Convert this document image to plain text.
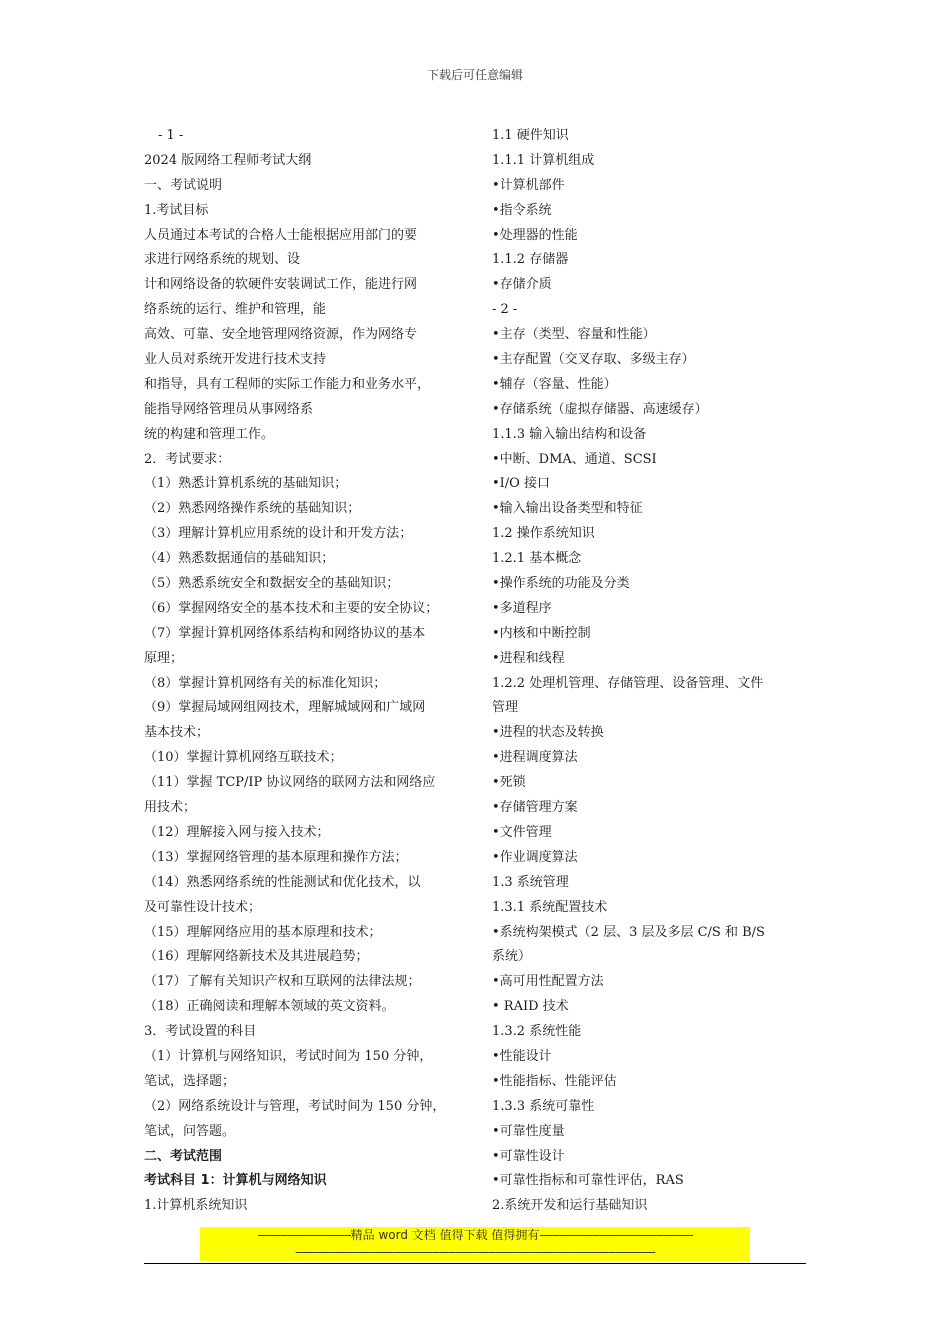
下载后可任意编辑
- 1 -
2024 版网络工程师考试大纲
一、考试说明
1.考试目标
人员通过本考试的合格人士能根据应用部门的要
求进行网络系统的规划、设
计和网络设备的软硬件安装调试工作，能进行网
络系统的运行、维护和管理，能
高效、可靠、安全地管理网络资源，作为网络专
业人员对系统开发进行技术支持
和指导，具有工程师的实际工作能力和业务水平，
能指导网络管理员从事网络系
统的构建和管理工作。
2．考试要求：
（1）熟悉计算机系统的基础知识；
（2）熟悉网络操作系统的基础知识；
（3）理解计算机应用系统的设计和开发方法；
（4）熟悉数据通信的基础知识；
（5）熟悉系统安全和数据安全的基础知识；
（6）掌握网络安全的基本技术和主要的安全协议；
（7）掌握计算机网络体系结构和网络协议的基本
原理；
（8）掌握计算机网络有关的标准化知识；
（9）掌握局域网组网技术，理解城域网和广域网
基本技术；
（10）掌握计算机网络互联技术；
（11）掌握 TCP/IP 协议网络的联网方法和网络应
用技术；
（12）理解接入网与接入技术；
（13）掌握网络管理的基本原理和操作方法；
（14）熟悉网络系统的性能测试和优化技术，以
及可靠性设计技术；
（15）理解网络应用的基本原理和技术；
（16）理解网络新技术及其进展趋势；
（17）了解有关知识产权和互联网的法律法规；
（18）正确阅读和理解本领域的英文资料。
3．考试设置的科目
（1）计算机与网络知识，考试时间为 150 分钟，
笔试，选择题；
（2）网络系统设计与管理，考试时间为 150 分钟，
笔试，问答题。
二、考试范围
考试科目 1：计算机与网络知识
1.计算机系统知识
1.1 硬件知识
1.1.1 计算机组成
•计算机部件
•指令系统
•处理器的性能
1.1.2 存储器
•存储介质
- 2 -
•主存（类型、容量和性能）
•主存配置（交叉存取、多级主存）
•辅存（容量、性能）
•存储系统（虚拟存储器、高速缓存）
1.1.3 输入输出结构和设备
•中断、DMA、通道、SCSI
•I/O 接口
•输入输出设备类型和特征
1.2 操作系统知识
1.2.1 基本概念
•操作系统的功能及分类
•多道程序
•内核和中断控制
•进程和线程
1.2.2 处理机管理、存储管理、设备管理、文件
管理
•进程的状态及转换
•进程调度算法
•死锁
•存储管理方案
•文件管理
•作业调度算法
1.3 系统管理
1.3.1 系统配置技术
•系统构架模式（2 层、3 层及多层 C/S 和 B/S
系统）
•高可用性配置方法
• RAID 技术
1.3.2 系统性能
•性能设计
•性能指标、性能评估
1.3.3 系统可靠性
•可靠性度量
•可靠性设计
•可靠性指标和可靠性评估，RAS
2.系统开发和运行基础知识
----------------------------精品 word 文档 值得下载 值得拥有----------------------------------------------
------------------------------------------------------------------------------------------------------------
